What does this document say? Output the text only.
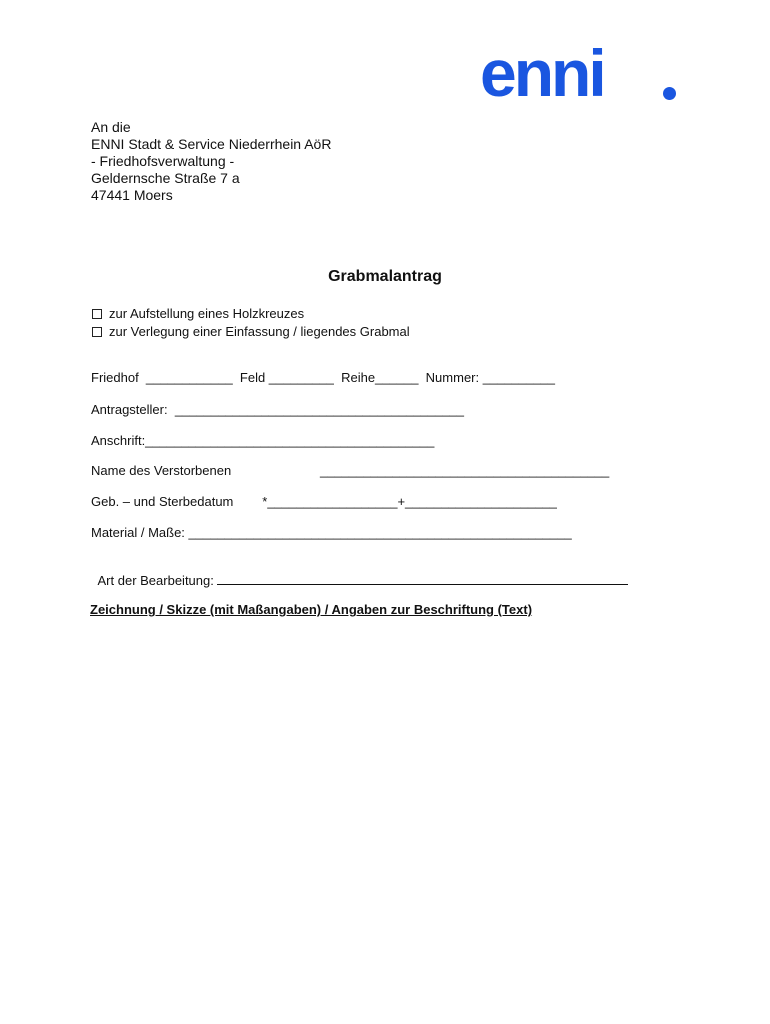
enni
An die
ENNI Stadt & Service Niederrhein AöR
- Friedhofsverwaltung -
Geldernsche Straße 7 a
47441 Moers
Grabmalantrag
zur Aufstellung eines Holzkreuzes
zur Verlegung einer Einfassung / liegendes Grabmal
Friedhof  ____________  Feld _________  Reihe______  Nummer: __________
Antragsteller:  ________________________________________
Anschrift:________________________________________
Name des Verstorbenen	________________________________________
Geb. – und Sterbedatum        *__________________+_____________________
Material / Maße: _____________________________________________________

Art der Bearbeitung:

Zeichnung / Skizze (mit Maßangaben) / Angaben zur Beschriftung (Text)
